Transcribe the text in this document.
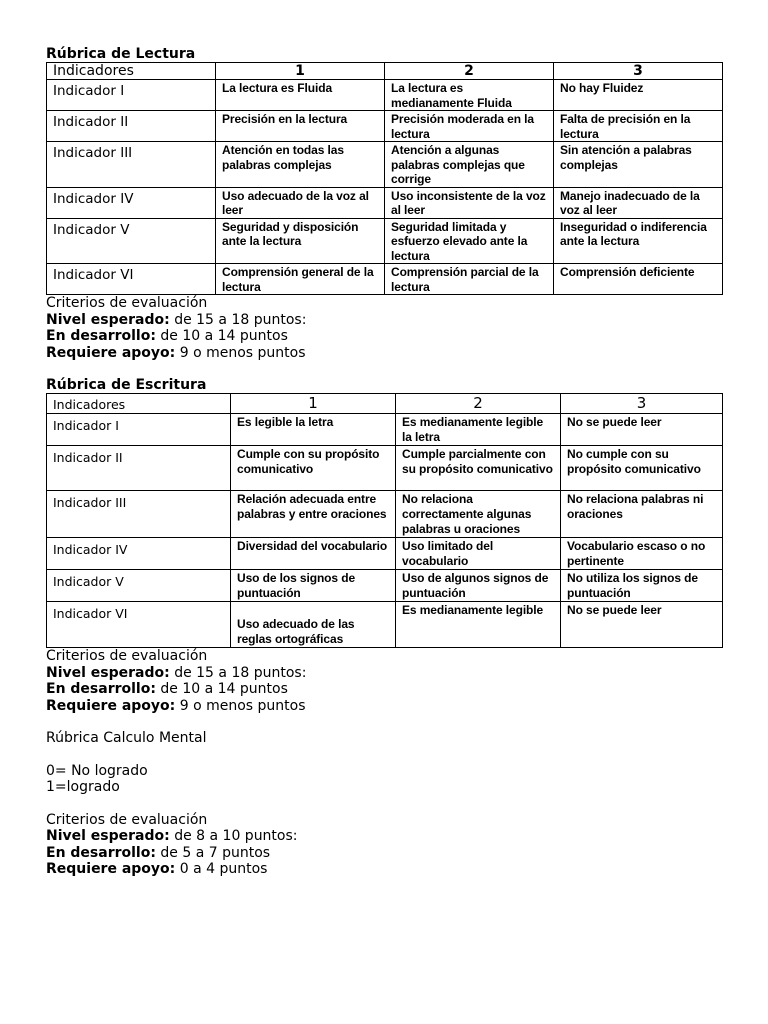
Rúbrica de Lectura
Indicadores	1	2	3
Indicador I	La lectura es Fluida	La lectura es medianamente Fluida	No hay Fluidez
Indicador II	Precisión en la lectura	Precisión moderada en la lectura	Falta de precisión en la lectura
Indicador III	Atención en todas las palabras complejas	Atención a algunas palabras complejas que corrige	Sin atención a palabras complejas
Indicador IV	Uso adecuado de la voz al leer	Uso inconsistente de la voz al leer	Manejo inadecuado de la voz al leer
Indicador V	Seguridad y disposición ante la lectura	Seguridad limitada y esfuerzo elevado ante la lectura	Inseguridad o indiferencia ante la lectura
Indicador VI	Comprensión general de la lectura	Comprensión parcial de la lectura	Comprensión deficiente
Criterios de evaluación
Nivel esperado: de 15 a 18 puntos:
En desarrollo: de 10 a 14 puntos
Requiere apoyo: 9 o menos puntos
Rúbrica de Escritura
Indicadores	1	2	3
Indicador I	Es legible la letra	Es medianamente legible la letra	No se puede leer
Indicador II	Cumple con su propósito comunicativo	Cumple parcialmente con su propósito comunicativo	No cumple con su propósito comunicativo
Indicador III	Relación adecuada entre palabras y entre oraciones	No relaciona correctamente algunas palabras u oraciones	No relaciona palabras ni oraciones
Indicador IV	Diversidad del vocabulario	Uso limitado del vocabulario	Vocabulario escaso o no pertinente
Indicador V	Uso de los signos de puntuación	Uso de algunos signos de puntuación	No utiliza los signos de puntuación
Indicador VI	Uso adecuado de las reglas ortográficas	Es medianamente legible	No se puede leer
Criterios de evaluación
Nivel esperado: de 15 a 18 puntos:
En desarrollo: de 10 a 14 puntos
Requiere apoyo: 9 o menos puntos
Rúbrica Calculo Mental
0= No logrado
1=logrado
Criterios de evaluación
Nivel esperado: de 8 a 10 puntos:
En desarrollo: de 5 a 7 puntos
Requiere apoyo: 0 a 4 puntos
